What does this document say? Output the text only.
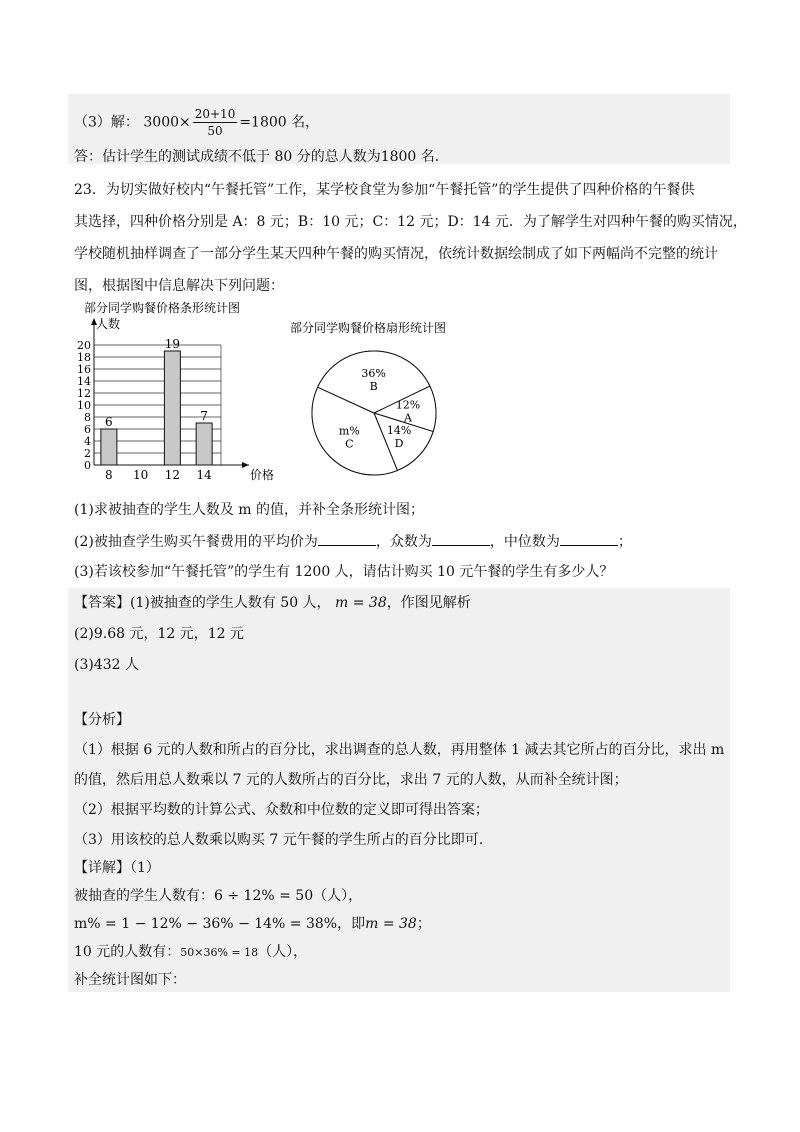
（3）解： $3000\times \frac{20+10}{50} =1800$ 名，
答：估计学生的测试成绩不低于 80 分的总人数为1800 名.
23．为切实做好校内“午餐托管”工作，某学校食堂为参加“午餐托管”的学生提供了四种价格的午餐供
其选择，四种价格分别是 A：8 元；B：10 元；C：12 元；D：14 元．为了解学生对四种午餐的购买情况，
学校随机抽样调查了一部分学生某天四种午餐的购买情况，依统计数据绘制成了如下两幅尚不完整的统计
图，根据图中信息解决下列问题：
部分同学购餐价格条形统计图
人数
价格
0
2
4
6
8
10
12
14
16
18
20
6
8 10
19
12
7
14
部分同学购餐价格扇形统计图
12%
A
14%
D
m%
C
36%
B
(1)求被抽查的学生人数及 m 的值，并补全条形统计图；
(2)被抽查学生购买午餐费用的平均价为	，众数为	，中位数为	；
(3)若该校参加“午餐托管”的学生有 1200 人，请估计购买 10 元午餐的学生有多少人？
【答案】(1)被抽查的学生人数有 50 人， m = 38，作图见解析
(2)9.68 元，12 元，12 元
(3)432 人
【分析】
（1）根据 6 元的人数和所占的百分比，求出调查的总人数，再用整体 1 减去其它所占的百分比，求出 m
的值，然后用总人数乘以 7 元的人数所占的百分比，求出 7 元的人数，从而补全统计图；
（2）根据平均数的计算公式、众数和中位数的定义即可得出答案；
（3）用该校的总人数乘以购买 7 元午餐的学生所占的百分比即可.
【详解】（1）
被抽查的学生人数有：6 ÷ 12% = 50（人），
m% = 1 − 12% − 36% − 14% = 38%，即m = 38；
10 元的人数有：50×36% = 18（人），
补全统计图如下：
